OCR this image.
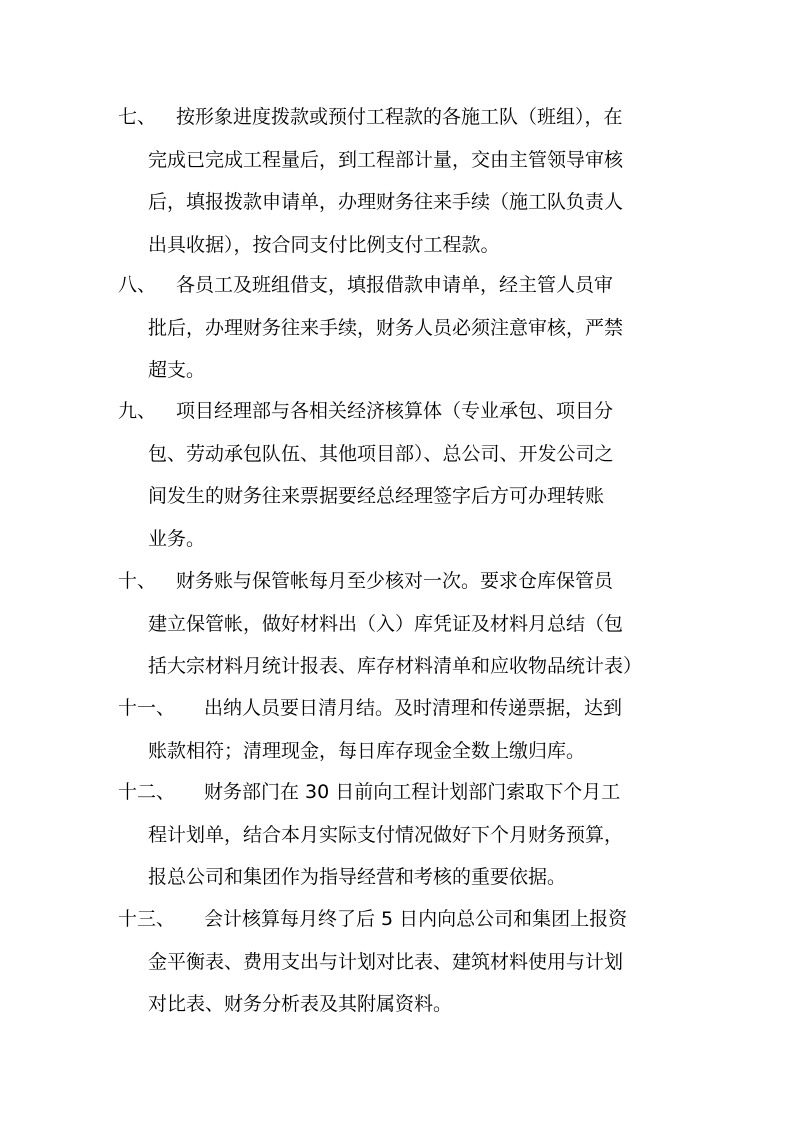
七、 按形象进度拨款或预付工程款的各施工队（班组），在
完成已完成工程量后，到工程部计量，交由主管领导审核
后，填报拨款申请单，办理财务往来手续（施工队负责人
出具收据），按合同支付比例支付工程款。
八、 各员工及班组借支，填报借款申请单，经主管人员审
批后，办理财务往来手续，财务人员必须注意审核，严禁
超支。
九、 项目经理部与各相关经济核算体（专业承包、项目分
包、劳动承包队伍、其他项目部）、总公司、开发公司之
间发生的财务往来票据要经总经理签字后方可办理转账
业务。
十、 财务账与保管帐每月至少核对一次。要求仓库保管员
建立保管帐，做好材料出（入）库凭证及材料月总结（包
括大宗材料月统计报表、库存材料清单和应收物品统计表）
十一、 出纳人员要日清月结。及时清理和传递票据，达到
账款相符；清理现金，每日库存现金全数上缴归库。
十二、 财务部门在 30 日前向工程计划部门索取下个月工
程计划单，结合本月实际支付情况做好下个月财务预算，
报总公司和集团作为指导经营和考核的重要依据。
十三、 会计核算每月终了后 5 日内向总公司和集团上报资
金平衡表、费用支出与计划对比表、建筑材料使用与计划
对比表、财务分析表及其附属资料。
